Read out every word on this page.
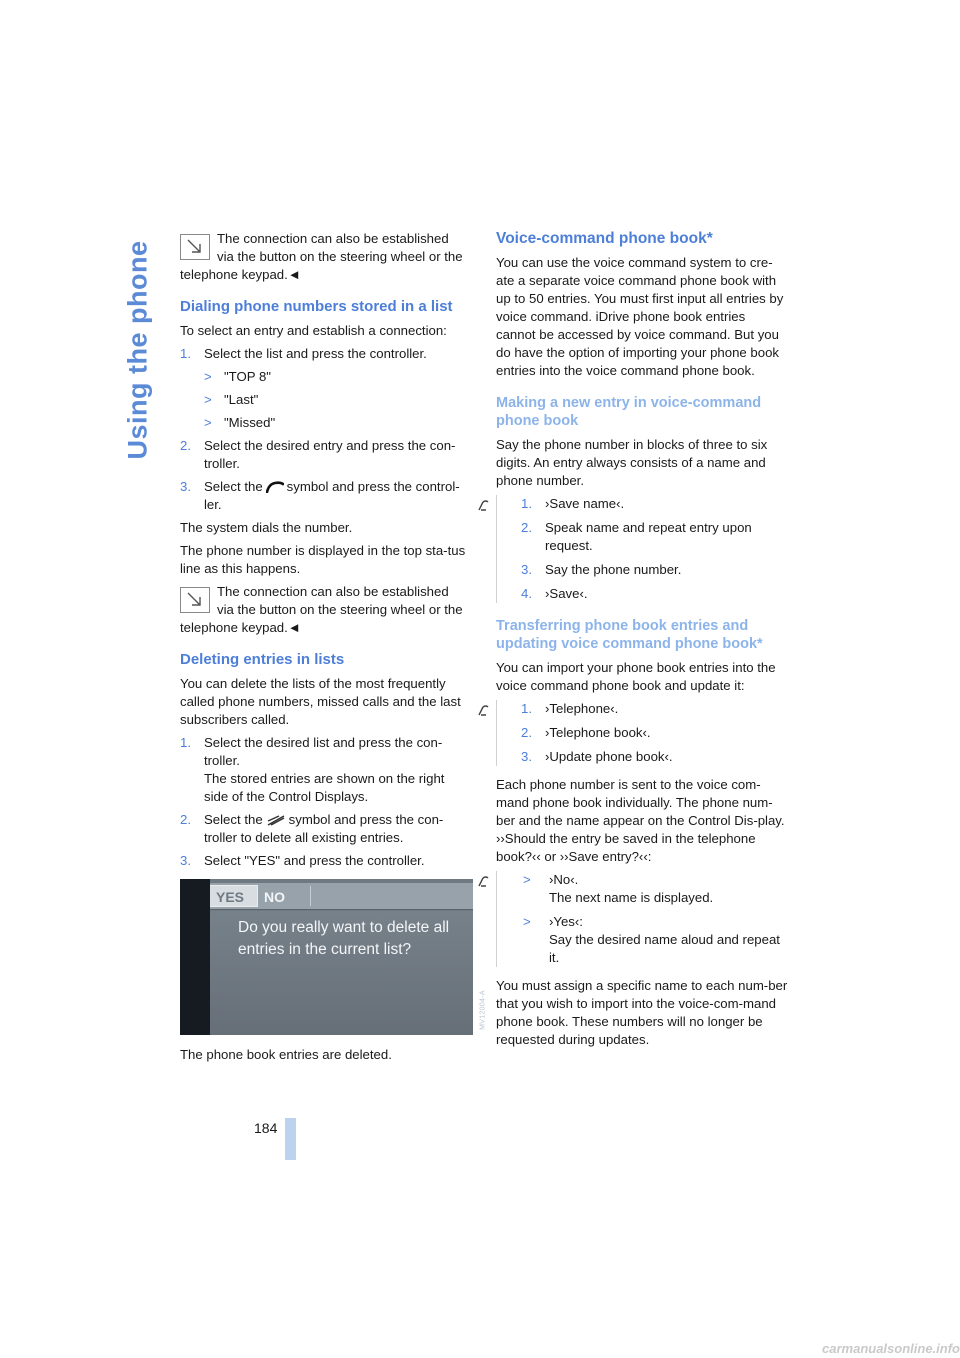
Using the phone
The connection can also be established
via the button on the steering wheel or the
telephone keypad.◄
Dialing phone numbers stored in a list

To select an entry and establish a connection:

1. Select the list and press the controller.
> "TOP 8"
> "Last"
> "Missed"
2. Select the desired entry and press the con-troller.
3. Select the symbol and press the control-ler.

The system dials the number.

The phone number is displayed in the top sta-tus line as this happens.

The connection can also be established
via the button on the steering wheel or the
telephone keypad.◄
Deleting entries in lists

You can delete the lists of the most frequently called phone numbers, missed calls and the last subscribers called.

1. Select the desired list and press the con-troller.
The stored entries are shown on the right side of the Control Displays.
2. Select the symbol and press the con-troller to delete all existing entries.
3. Select "YES" and press the controller.
YES	NO
Do you really want to delete all entries in the current list?
MV12004-A

The phone book entries are deleted.

Voice-command phone book*

You can use the voice command system to cre-ate a separate voice command phone book with up to 50 entries. You must first input all entries by voice command. iDrive phone book entries cannot be accessed by voice command. But you do have the option of importing your phone book entries into the voice command phone book.

Making a new entry in voice-command phone book

Say the phone number in blocks of three to six digits. An entry always consists of a name and phone number.

1. ›Save name‹.
2. Speak name and repeat entry upon request.
3. Say the phone number.
4. ›Save‹.
Transferring phone book entries and updating voice command phone book*

You can import your phone book entries into the voice command phone book and update it:

1. ›Telephone‹.
2. ›Telephone book‹.
3. ›Update phone book‹.

Each phone number is sent to the voice com-mand phone book individually. The phone num-ber and the name appear on the Control Dis-play. ››Should the entry be saved in the telephone book?‹‹ or ››Save entry?‹‹:

> ›No‹.
The next name is displayed.
> ›Yes‹:
Say the desired name aloud and repeat it.

You must assign a specific name to each num-ber that you wish to import into the voice-com-mand phone book. These numbers will no longer be requested during updates.

184
carmanualsonline.info
